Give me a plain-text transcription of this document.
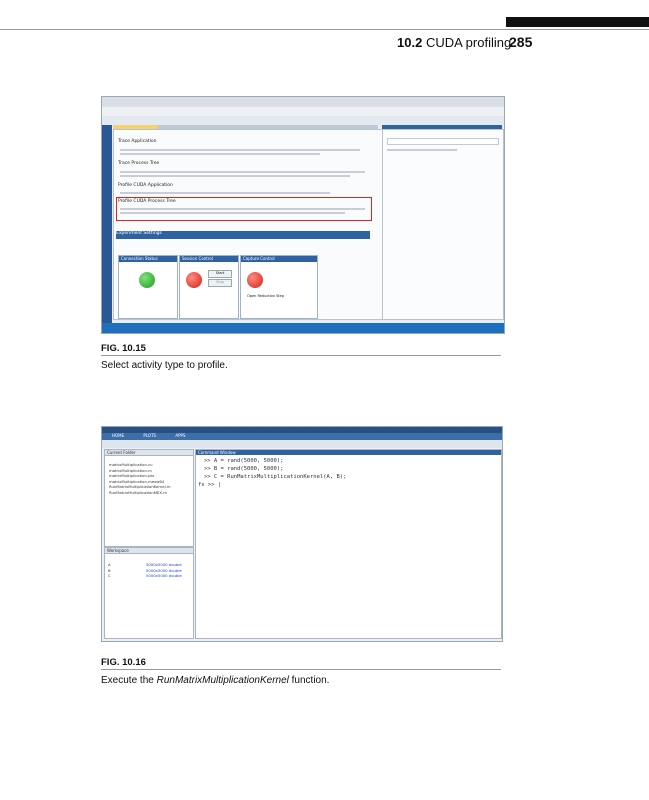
10.2 CUDA profiling
285
Trace Application
Trace Process Tree
Profile CUDA Application
Profile CUDA Process Tree
Experiment Settings
Connection Status	Session Control
Start
Stop
Capture Control
Open Reduction Step
FIG. 10.15
Select activity type to profile.
HOME	PLOTS	APPS
Current Folder
matrixMultiplication.cu
matrixMultiplication.m
matrixMultiplication.ptx
matrixMultiplication.mexw64
RunMatrixMultiplicationKernel.m
RunMatrixMultiplicationMEX.m
Workspace
A	5000x5000 double
B	5000x5000 double
C	5000x5000 double
Command Window
>> A = rand(5000, 5000);
>> B = rand(5000, 5000);
>> C = RunMatrixMultiplicationKernel(A, B);
fx >> |
FIG. 10.16
Execute the RunMatrixMultiplicationKernel function.
